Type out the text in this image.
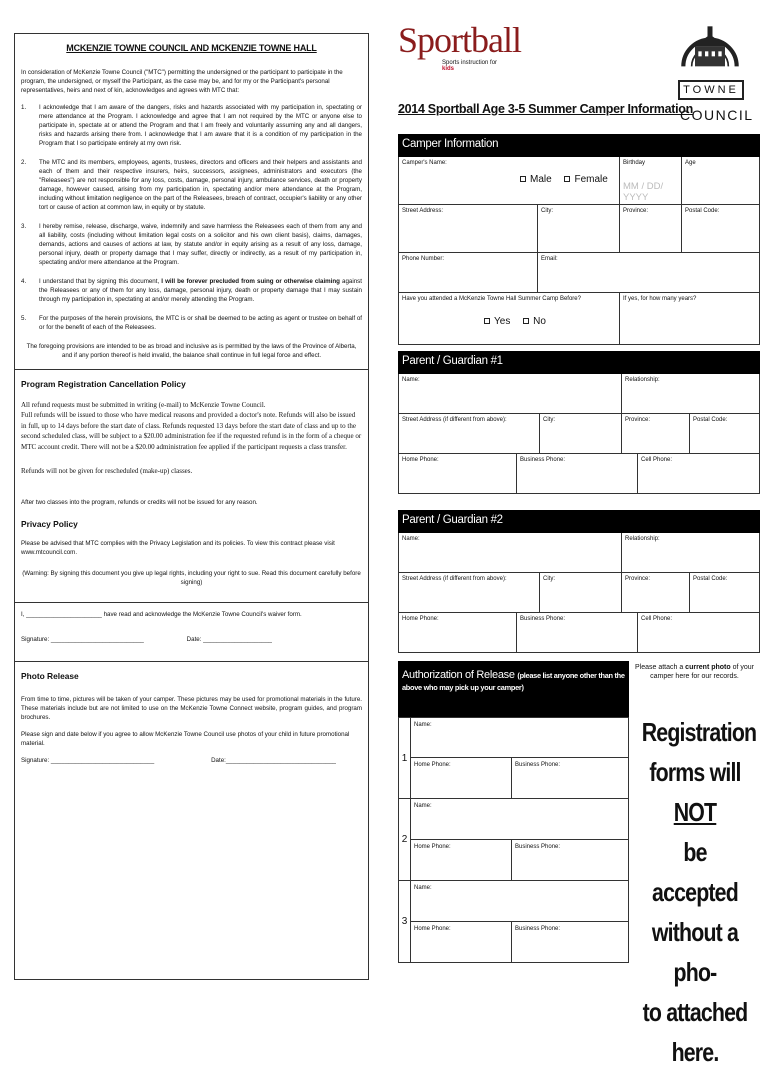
MCKENZIE TOWNE COUNCIL AND MCKENZIE TOWNE HALL

In consideration of McKenzie Towne Council ("MTC") permitting the undersigned or the participant to participate in the program, the undersigned, or myself the Participant, as the case may be, and for my or the Participant's personal representatives, heirs and next of kin, acknowledges and agrees with MTC that:

1.	I acknowledge that I am aware of the dangers, risks and hazards associated with my participation in, spectating or mere attendance at the Program. I acknowledge and agree that I am not required by the MTC or anyone else to participate in, spectate at or attend the Program and that I am freely and voluntarily assuming any and all dangers, risks and hazards arising there from. I acknowledge that I am aware that it is a condition of my participation in the Program that I so participate entirely at my own risk.
2.	The MTC and its members, employees, agents, trustees, directors and officers and their helpers and assistants and each of them and their respective insurers, heirs, successors, assignees, administrators and executors (the "Releasees") are not responsible for any loss, costs, damage, personal injury, ambulance services, death or property damage, however caused, arising from my participation in, spectating and/or mere attendance at the Program, including without limitation negligence on the part of the Releasees, breach of contract, occupier's liability or any other tort or cause of action at common law, in equity or by statute.
3.	I hereby remise, release, discharge, waive, indemnify and save harmless the Releasees each of them from any and all liability, costs (including without limitation legal costs on a solicitor and his own client basis), claims, damages, demands, actions and causes of actions at law, by statute and/or in equity arising as a result of any loss, damage, personal injury, death or property damage that I may suffer, directly or indirectly, as a result of my participation in, spectating and/or mere attendance at the Program.
4.	I understand that by signing this document, I will be forever precluded from suing or otherwise claiming against the Releasees or any of them for any loss, damage, personal injury, death or property damage that I may sustain through my participation in, spectating at and/or merely attending the Program.
5.	For the purposes of the herein provisions, the MTC is or shall be deemed to be acting as agent or trustee on behalf of or for the benefit of each of the Releasees.

The foregoing provisions are intended to be as broad and inclusive as is permitted by the laws of the Province of Alberta, and if any portion thereof is held invalid, the balance shall continue in full legal force and effect.

Program Registration Cancellation Policy
All refund requests must be submitted in writing (e-mail) to McKenzie Towne Council.
Full refunds will be issued to those who have medical reasons and provided a doctor's note. Refunds will also be issued in full, up to 14 days before the start date of class. Refunds requested 13 days before the start date of class and up to the second scheduled class, will be subject to a $20.00 administration fee if the requested refund is in the form of a cheque or MTC account credit. There will not be a $20.00 administration fee applied if the participant requests a class transfer.
Refunds will not be given for rescheduled (make-up) classes.

After two classes into the program, refunds or credits will not be issued for any reason.

Privacy Policy

Please be advised that MTC complies with the Privacy Legislation and its policies. To view this contract please visit www.mtcouncil.com.

(Warning: By signing this document you give up legal rights, including your right to sue. Read this document carefully before signing)

I, ______________________ have read and acknowledge the McKenzie Towne Council's waiver form.

Signature: ___________________________	Date: ____________________
Photo Release

From time to time, pictures will be taken of your camper. These pictures may be used for promotional materials in the future. These materials include but are not limited to use on the McKenzie Towne Connect website, program guides, and program brochures.

Please sign and date below if you agree to allow McKenzie Towne Council use photos of your child in future promotional material.

Signature: ______________________________	Date:________________________________
Sportball
Sports instruction for kids
TOWNE
COUNCIL
2014 Sportball Age 3-5 Summer Camper Information
Camper Information
Camper's Name:
Male Female
Birthday
MM / DD/ YYYY
Age
Street Address:	City:	Province:	Postal Code:
Phone Number:	Email:
Have you attended a McKenzie Towne Hall Summer Camp Before?
Yes No
If yes, for how many years?
Parent / Guardian #1
Name:	Relationship:
Street Address (if different from above):	City:	Province:	Postal Code:
Home Phone:	Business Phone:	Cell Phone:
Parent / Guardian #2
Name:	Relationship:
Street Address (if different from above):	City:	Province:	Postal Code:
Home Phone:	Business Phone:	Cell Phone:
Authorization of Release (please list anyone other than the above who may pick up your camper)
Please attach a current photo of your camper here for our records.
1
Name:
Home Phone:	Business Phone:
2
Name:
Home Phone:	Business Phone:
3
Name:
Home Phone:	Business Phone:
Registration
forms will NOT
be accepted
without a pho-
to attached
here.
